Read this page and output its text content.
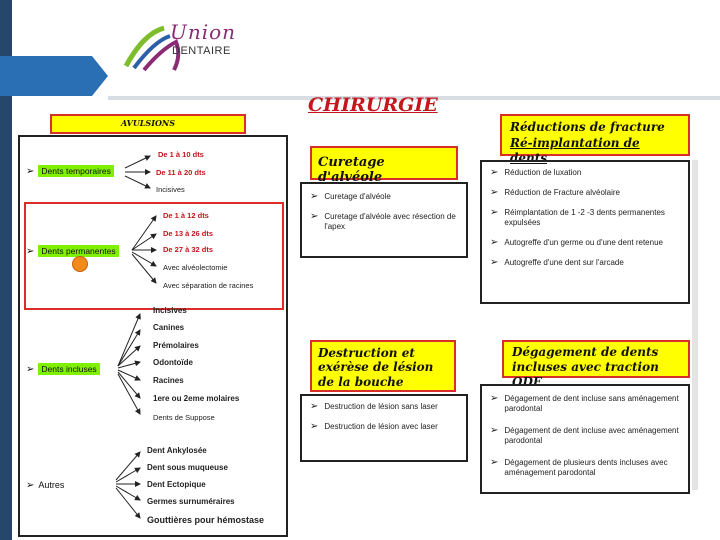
Union
DENTAIRE
CHIRURGIE
AVULSIONS
➢ Dents temporaires
De 1 à 10 dts
De 11 à 20 dts
Incisives
➢ Dents permanentes
De 1 à 12 dts
De 13 à 26 dts
De 27 à 32 dts
Avec alvéolectomie
Avec séparation de racines
➢ Dents incluses
Incisives
Canines
Prémolaires
Odontoïde
Racines
1ere ou 2eme molaires
Dents de Suppose
➢ Autres
Dent Ankylosée
Dent sous muqueuse
Dent Ectopique
Germes surnuméraires
Gouttières pour hémostase
Curetage d'alvéole
➢ Curetage d'alvéole
➢ Curetage d'alvéole avec résection de l'apex
Destruction et exérèse de lésion de la bouche
➢ Destruction de lésion sans laser
➢ Destruction de lésion avec laser
Réductions de fracture
Ré-implantation de dents
➢ Réduction de luxation
➢ Réduction de Fracture alvéolaire
➢ Réimplantation de 1 -2 -3 dents permanentes expulsées
➢ Autogreffe d'un germe ou d'une dent retenue
➢ Autogreffe d'une dent sur l'arcade
Dégagement de dents incluses avec traction ODF
➢ Dégagement de dent incluse sans aménagement parodontal
➢ Dégagement de dent incluse avec aménagement parodontal
➢ Dégagement de plusieurs dents incluses avec aménagement parodontal
